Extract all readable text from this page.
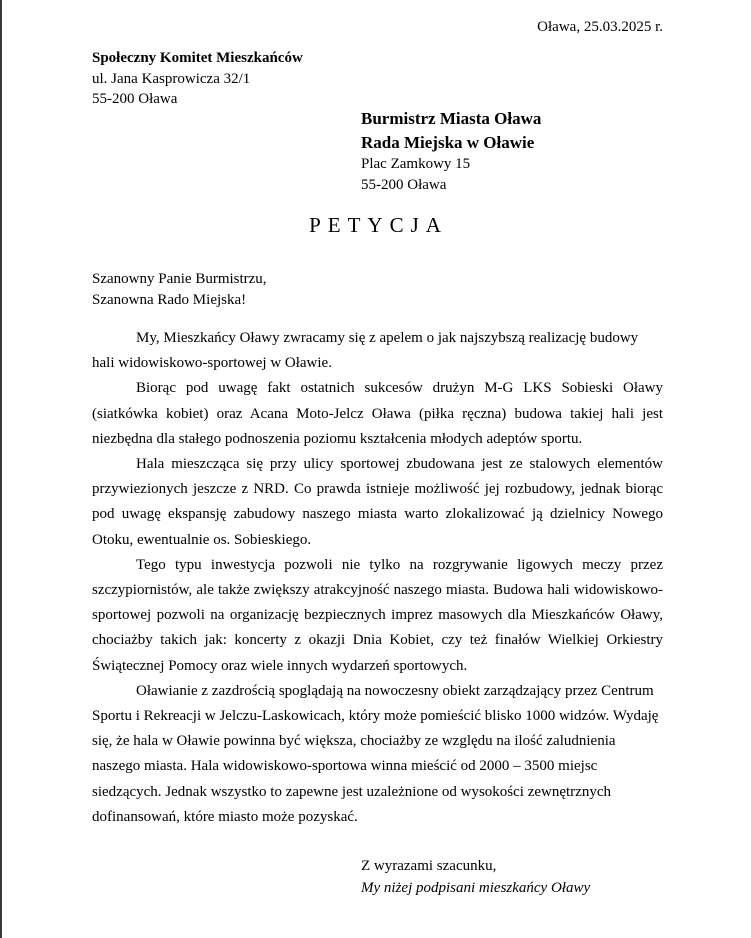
Oława, 25.03.2025 r.
Społeczny Komitet Mieszkańców
ul. Jana Kasprowicza 32/1
55-200 Oława
Burmistrz Miasta Oława
Rada Miejska w Oławie
Plac Zamkowy 15
55-200 Oława
PETYCJA
Szanowny Panie Burmistrzu,
Szanowna Rado Miejska!

My, Mieszkańcy Oławy zwracamy się z apelem o jak najszybszą realizację budowy hali widowiskowo-sportowej w Oławie.

Biorąc pod uwagę fakt ostatnich sukcesów drużyn M-G LKS Sobieski Oławy (siatkówka kobiet) oraz Acana Moto-Jelcz Oława (piłka ręczna) budowa takiej hali jest niezbędna dla stałego podnoszenia poziomu kształcenia młodych adeptów sportu.

Hala mieszcząca się przy ulicy sportowej zbudowana jest ze stalowych elementów przywiezionych jeszcze z NRD. Co prawda istnieje możliwość jej rozbudowy, jednak biorąc pod uwagę ekspansję zabudowy naszego miasta warto zlokalizować ją dzielnicy Nowego Otoku, ewentualnie os. Sobieskiego.

Tego typu inwestycja pozwoli nie tylko na rozgrywanie ligowych meczy przez szczypiornistów, ale także zwiększy atrakcyjność naszego miasta. Budowa hali widowiskowo-sportowej pozwoli na organizację bezpiecznych imprez masowych dla Mieszkańców Oławy, chociażby takich jak: koncerty z okazji Dnia Kobiet, czy też finałów Wielkiej Orkiestry Świątecznej Pomocy oraz wiele innych wydarzeń sportowych.

Oławianie z zazdrością spoglądają na nowoczesny obiekt zarządzający przez Centrum Sportu i Rekreacji w Jelczu-Laskowicach, który może pomieścić blisko 1000 widzów. Wydaję się, że hala w Oławie powinna być większa, chociażby ze względu na ilość zaludnienia naszego miasta. Hala widowiskowo-sportowa winna mieścić od 2000 – 3500 miejsc siedzących. Jednak wszystko to zapewne jest uzależnione od wysokości zewnętrznych dofinansowań, które miasto może pozyskać.

Z wyrazami szacunku,
My niżej podpisani mieszkańcy Oławy
